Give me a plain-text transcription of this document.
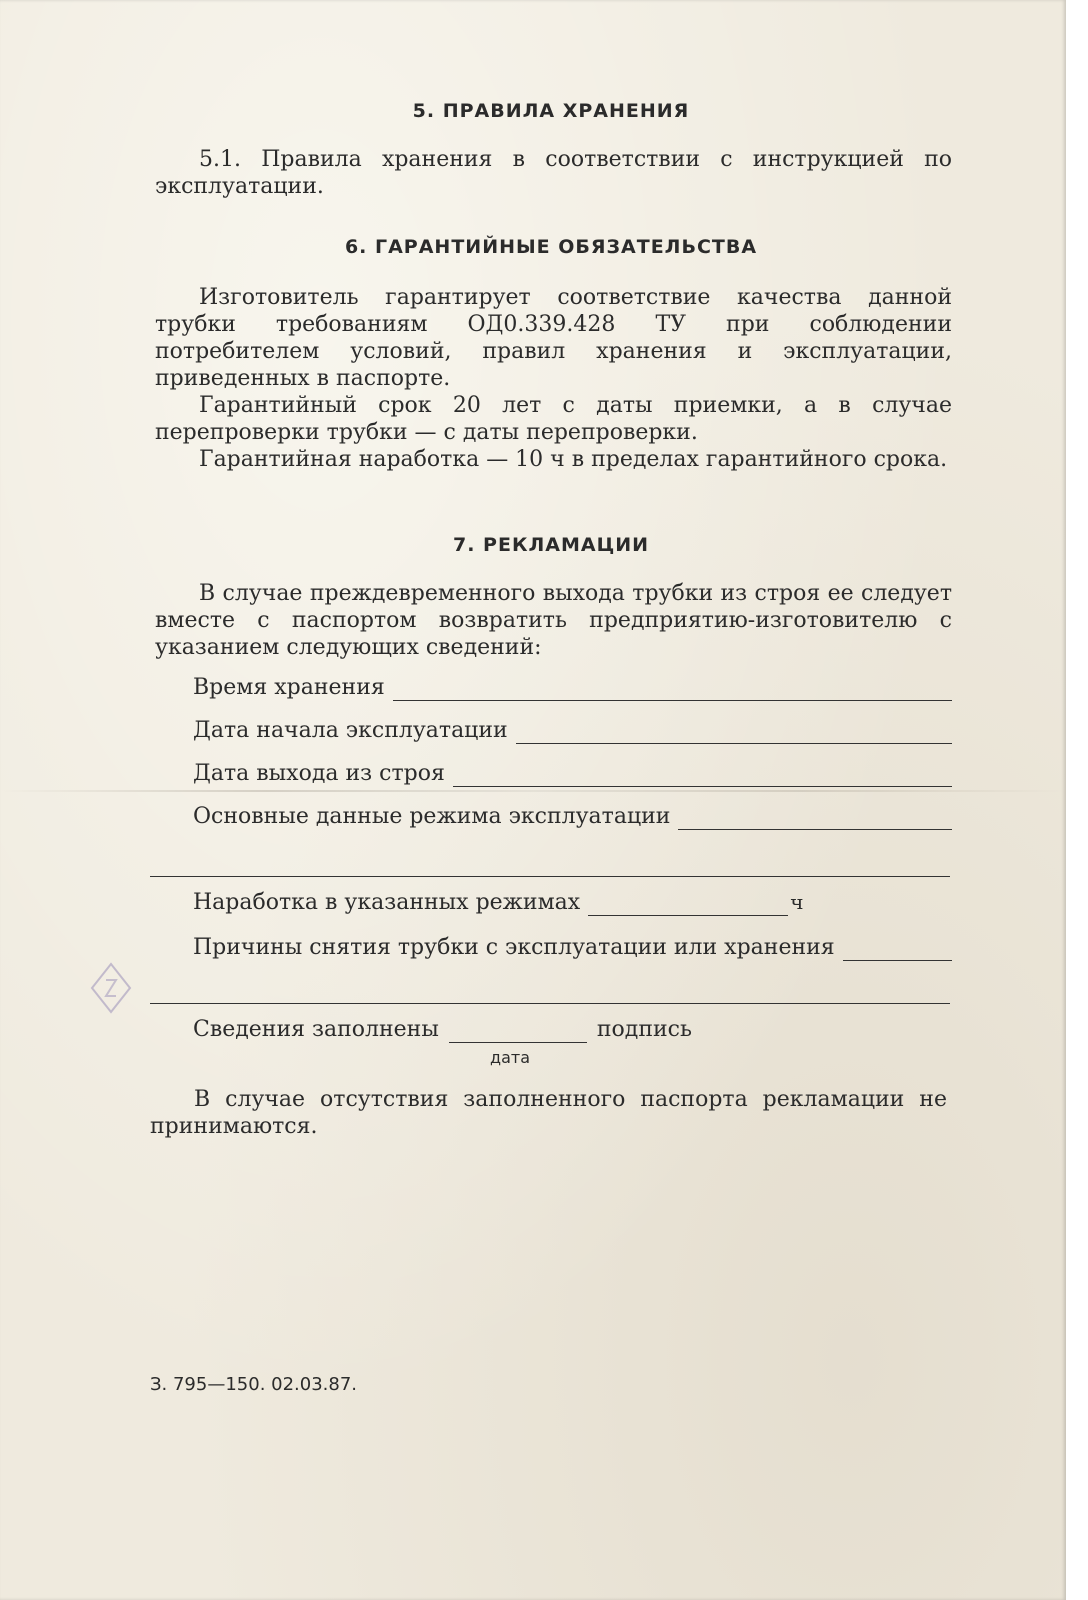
5. ПРАВИЛА ХРАНЕНИЯ
5.1. Правила хранения в соответствии с инструкцией по эксплуатации.
6. ГАРАНТИЙНЫЕ ОБЯЗАТЕЛЬСТВА
Изготовитель гарантирует соответствие качества данной трубки требованиям ОД0.339.428 ТУ при соблюдении потребителем условий, правил хранения и эксплуатации, приведенных в паспорте.
Гарантийный срок 20 лет с даты приемки, а в случае перепроверки трубки — с даты перепроверки.
Гарантийная наработка — 10 ч в пределах гарантийного срока.
7. РЕКЛАМАЦИИ
В случае преждевременного выхода трубки из строя ее следует вместе с паспортом возвратить предприятию-изготовителю с указанием следующих сведений:
Время хранения
Дата начала эксплуатации
Дата выхода из строя
Основные данные режима эксплуатации
Наработка в указанных режимах	ч
Причины снятия трубки с эксплуатации или хранения
Сведения заполнены	подпись
дата
В случае отсутствия заполненного паспорта рекламации не принимаются.
З. 795—150. 02.03.87.
